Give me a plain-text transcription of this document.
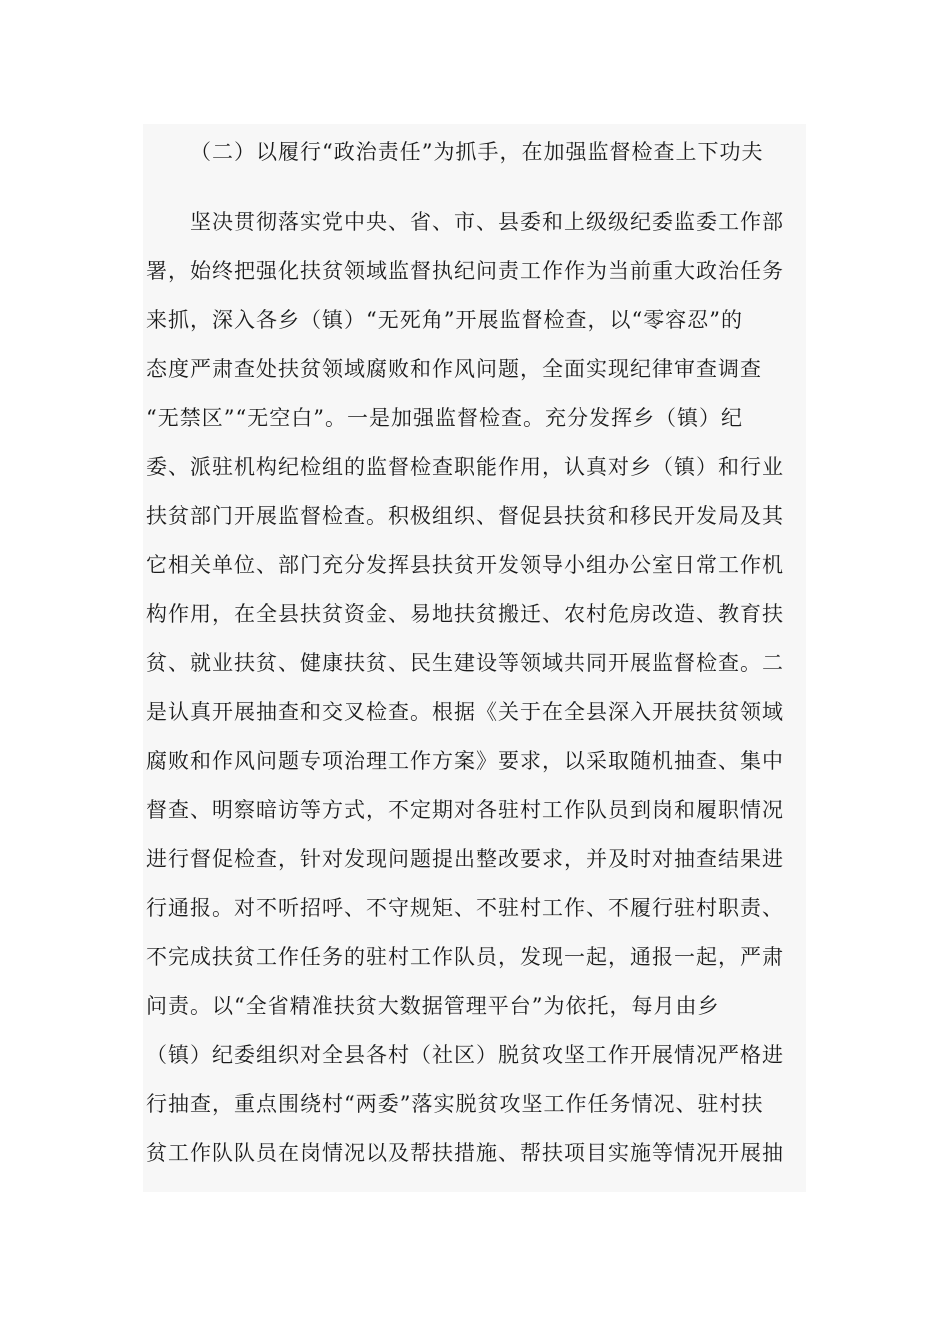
（二）以履行“政治责任”为抓手，在加强监督检查上下功夫
坚决贯彻落实党中央、省、市、县委和上级级纪委监委工作部
署，始终把强化扶贫领域监督执纪问责工作作为当前重大政治任务
来抓，深入各乡（镇）“无死角”开展监督检查，以“零容忍”的
态度严肃查处扶贫领域腐败和作风问题，全面实现纪律审查调查
“无禁区”“无空白”。一是加强监督检查。充分发挥乡（镇）纪
委、派驻机构纪检组的监督检查职能作用，认真对乡（镇）和行业
扶贫部门开展监督检查。积极组织、督促县扶贫和移民开发局及其
它相关单位、部门充分发挥县扶贫开发领导小组办公室日常工作机
构作用，在全县扶贫资金、易地扶贫搬迁、农村危房改造、教育扶
贫、就业扶贫、健康扶贫、民生建设等领域共同开展监督检查。二
是认真开展抽查和交叉检查。根据《关于在全县深入开展扶贫领域
腐败和作风问题专项治理工作方案》要求，以采取随机抽查、集中
督查、明察暗访等方式，不定期对各驻村工作队员到岗和履职情况
进行督促检查，针对发现问题提出整改要求，并及时对抽查结果进
行通报。对不听招呼、不守规矩、不驻村工作、不履行驻村职责、
不完成扶贫工作任务的驻村工作队员，发现一起，通报一起，严肃
问责。以“全省精准扶贫大数据管理平台”为依托，每月由乡
（镇）纪委组织对全县各村（社区）脱贫攻坚工作开展情况严格进
行抽查，重点围绕村“两委”落实脱贫攻坚工作任务情况、驻村扶
贫工作队队员在岗情况以及帮扶措施、帮扶项目实施等情况开展抽
